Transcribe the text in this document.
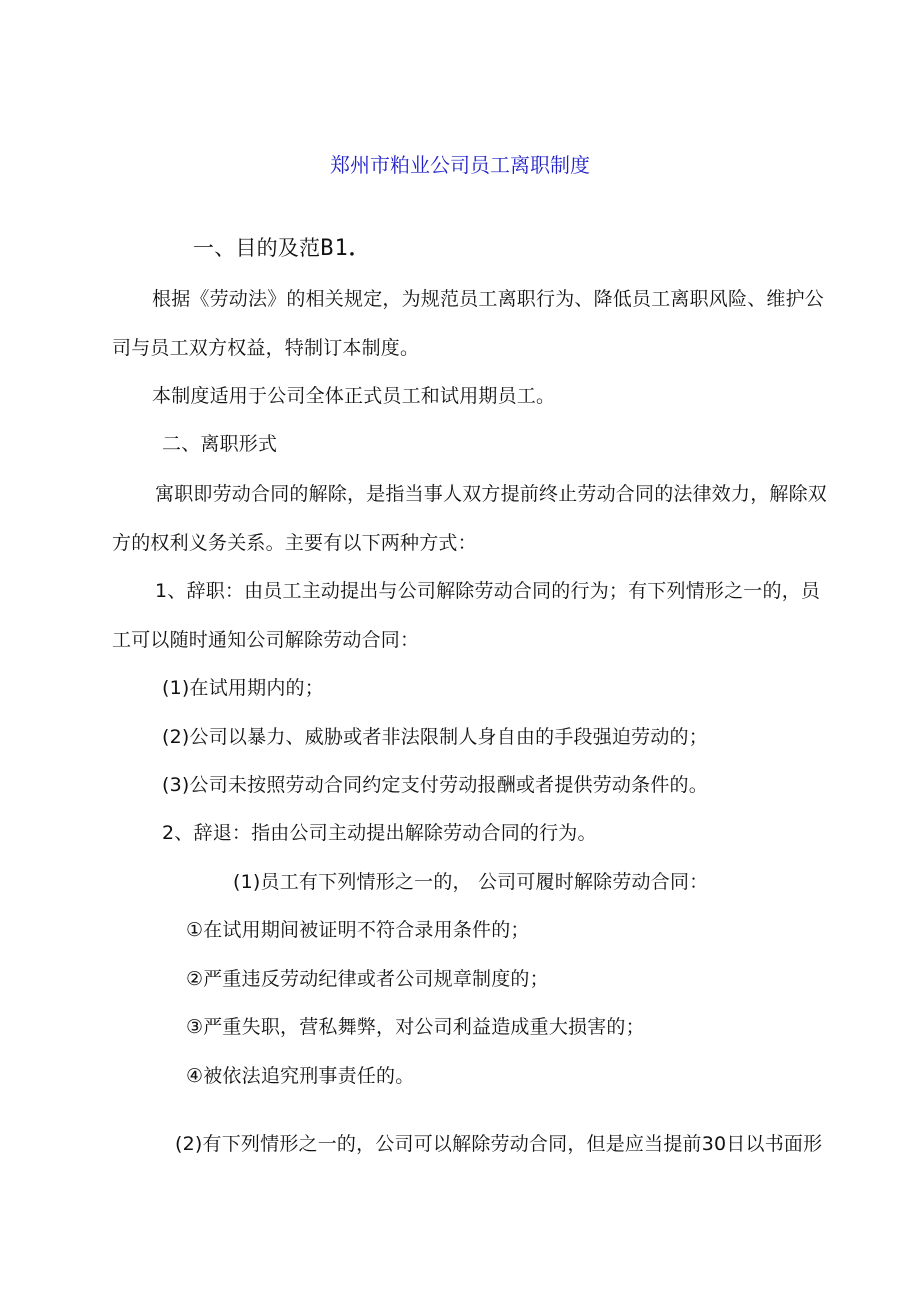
郑州市粕业公司员工离职制度
一、目的及范B1．
根据《劳动法》的相关规定，为规范员工离职行为、降低员工离职风险、维护公
司与员工双方权益，特制订本制度。
本制度适用于公司全体正式员工和试用期员工。
二、离职形式
寓职即劳动合同的解除，是指当事人双方提前终止劳动合同的法律效力，解除双
方的权利义务关系。主要有以下两种方式：
1、辞职：由员工主动提出与公司解除劳动合同的行为；有下列情形之一的，员
工可以随时通知公司解除劳动合同：
(1)在试用期内的；
(2)公司以暴力、威胁或者非法限制人身自由的手段强迫劳动的；
(3)公司未按照劳动合同约定支付劳动报酬或者提供劳动条件的。
2、辞退：指由公司主动提出解除劳动合同的行为。
(1)员工有下列情形之一的， 公司可履时解除劳动合同：
①在试用期间被证明不符合录用条件的；
②严重违反劳动纪律或者公司规章制度的；
③严重失职，营私舞弊，对公司利益造成重大损害的；
④被依法追究刑事责任的。
(2)有下列情形之一的，公司可以解除劳动合同，但是应当提前30日以书面形
